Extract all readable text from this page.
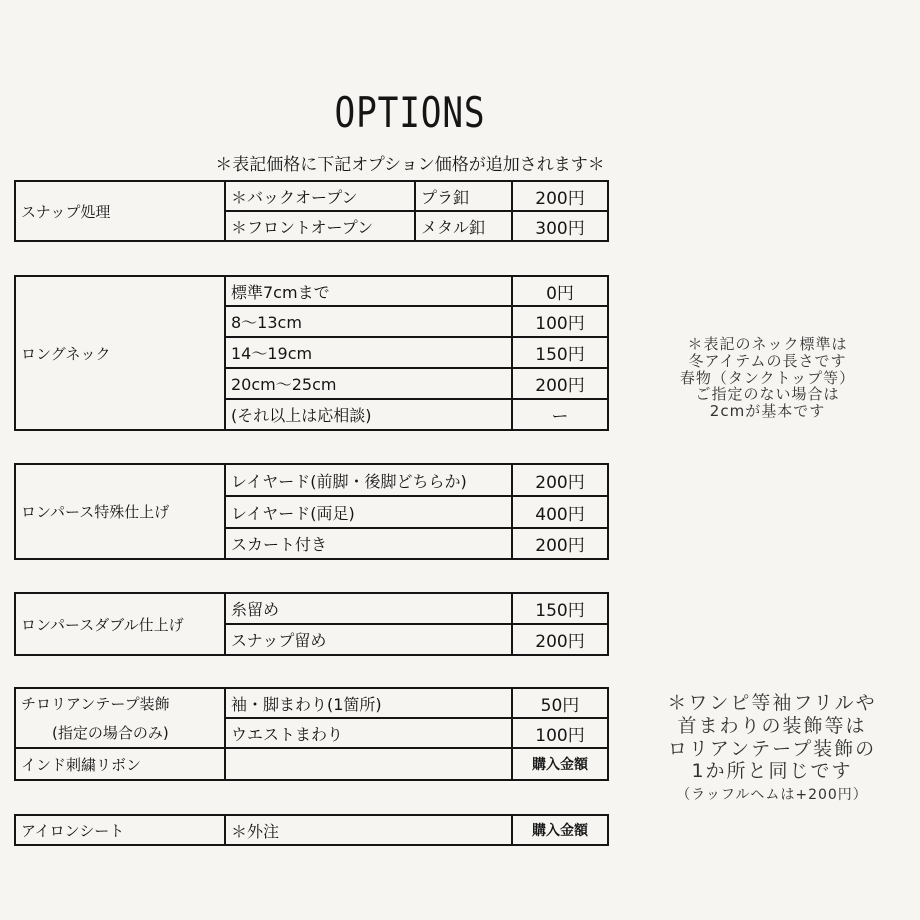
OPTIONS
＊表記価格に下記オプション価格が追加されます＊
スナップ処理	＊バックオープン	プラ釦	200円
	＊フロントオープン	メタル釦	300円
ロングネック	標準7cmまで	0円
	8～13cm	100円
	14～19cm	150円
	20cm～25cm	200円
	(それ以上は応相談)	ー
ロンパース特殊仕上げ	レイヤード(前脚・後脚どちらか)	200円
	レイヤード(両足)	400円
	スカート付き	200円
ロンパースダブル仕上げ	糸留め	150円
	スナップ留め	200円
チロリアンテープ装飾	袖・脚まわり(1箇所)	50円
(指定の場合のみ)	ウエストまわり	100円
インド刺繍リボン		購入金額
アイロンシート	＊外注	購入金額
＊表記のネック標準は
冬アイテムの長さです
春物（タンクトップ等）
ご指定のない場合は
2cmが基本です
＊ワンピ等袖フリルや
首まわりの装飾等は
ロリアンテープ装飾の
1か所と同じです
（ラッフルヘムは+200円）
